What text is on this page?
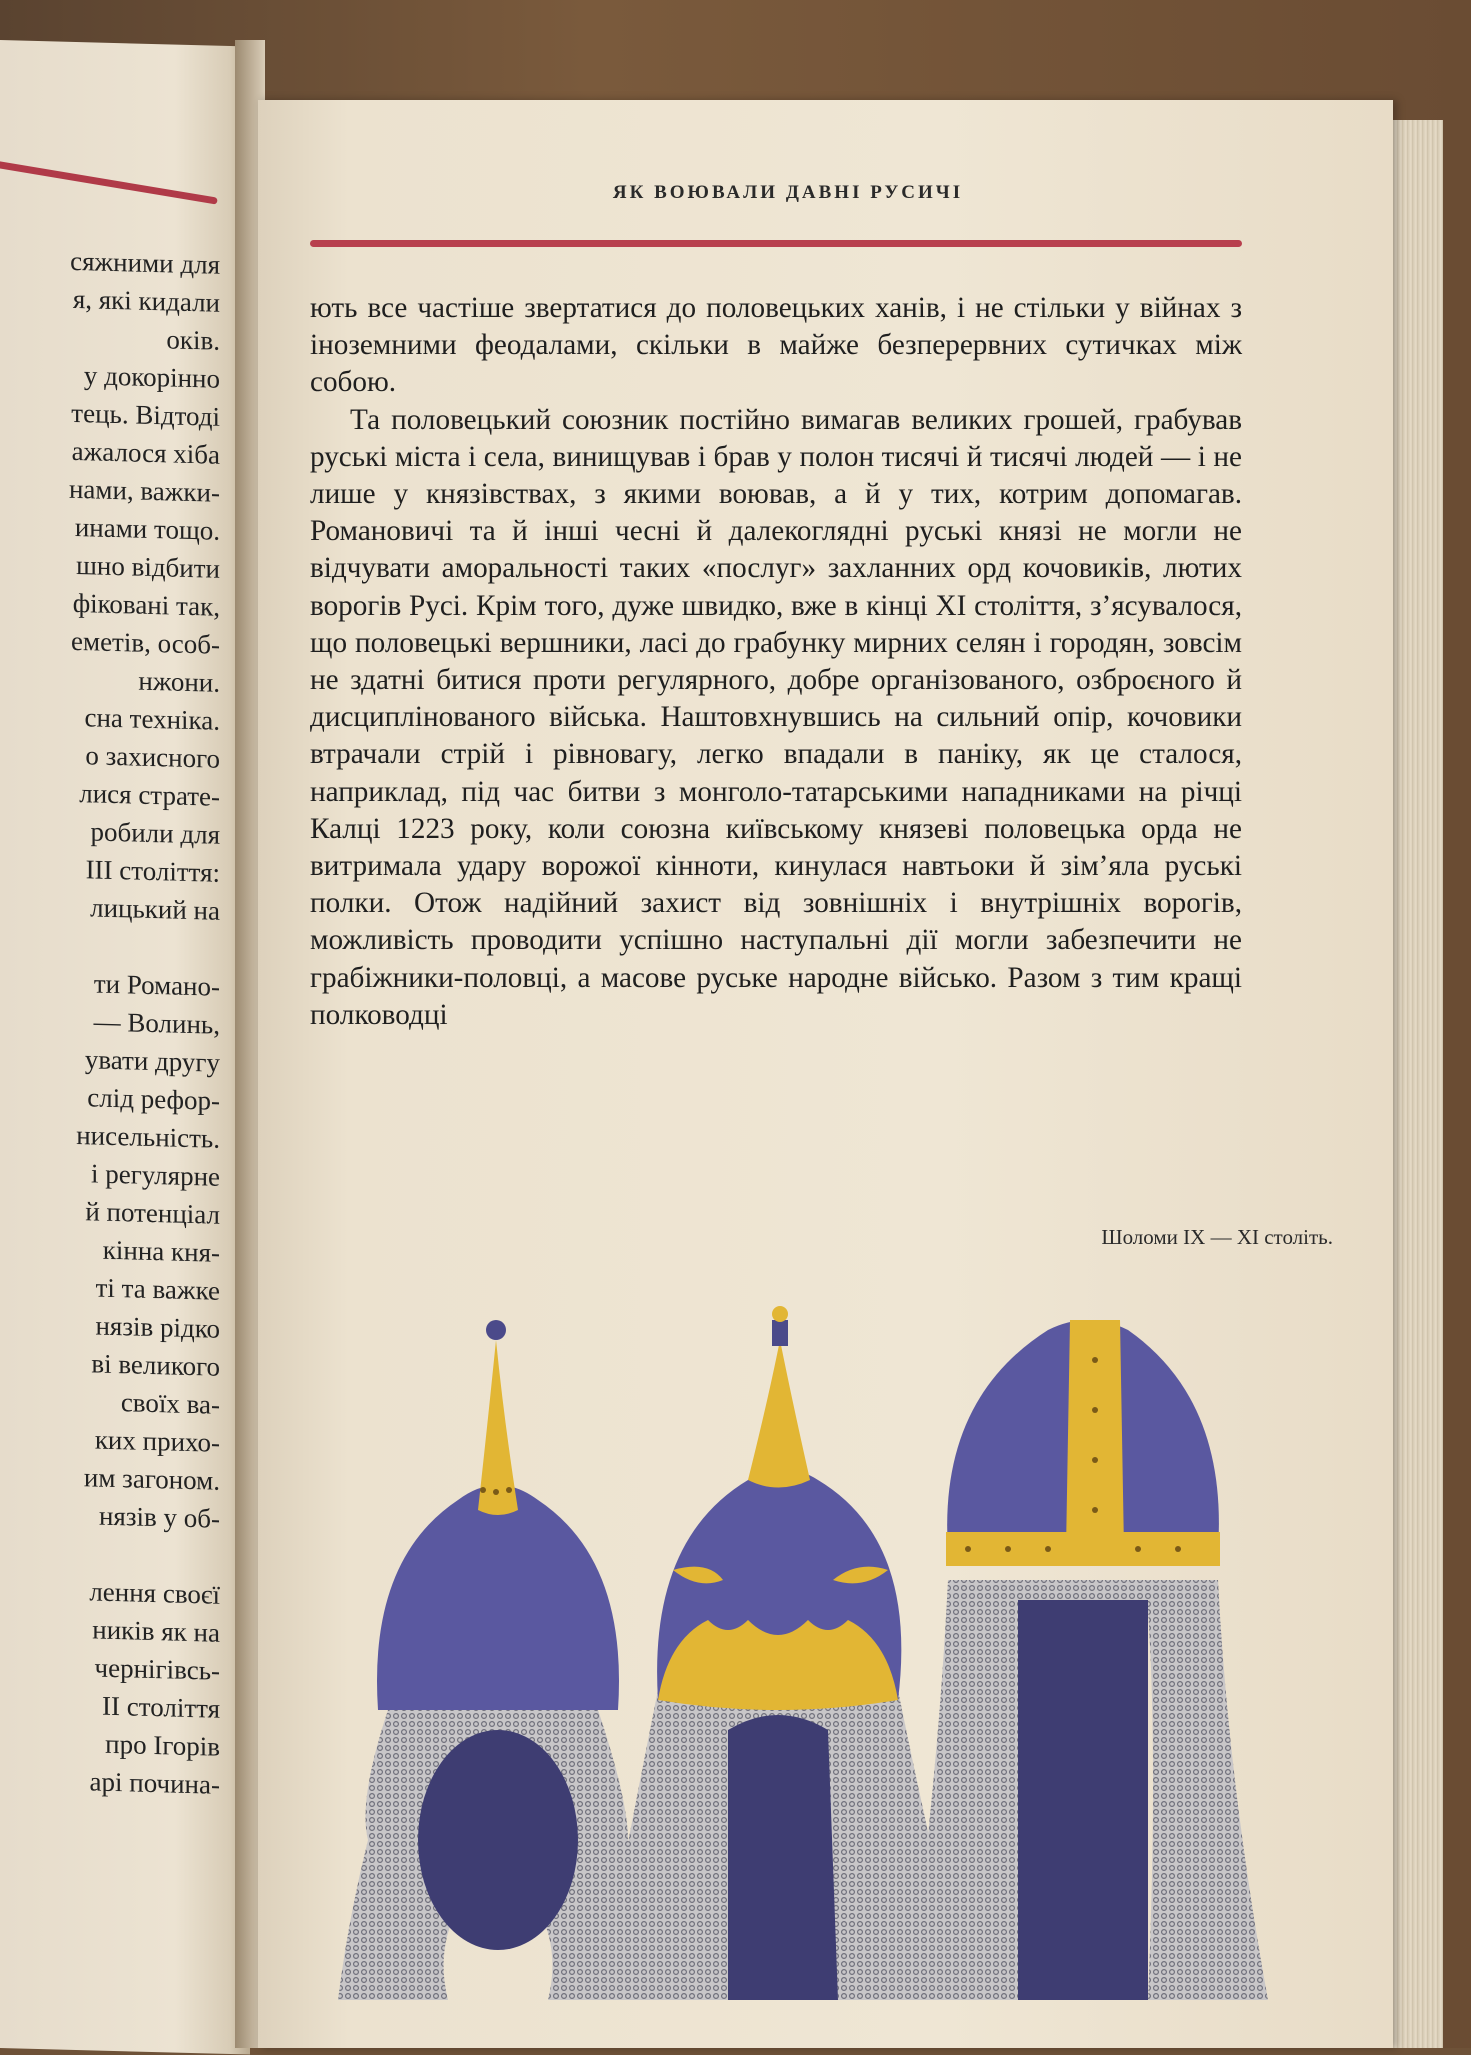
сяжними для
я, які кидали
оків.
у докорінно
тець. Відтоді
ажалося хіба
нами, важки-
инами тощо.
шно відбити
фіковані так,
еметів, особ-
нжони.
сна техніка.
о захисного
лися страте-
робили для
ІІІ століття:
лицький на

ти Романо-
— Волинь,
увати другу
слід рефор-
нисельність.
і регулярне
й потенціал
кінна кня-
ті та важке
нязів рідко
ві великого
своїх ва-
ких прихо-
им загоном.
нязів у об-

лення своєї
ників як на
чернігівсь-
ІІ століття
про Ігорів
арі почина-
ЯК ВОЮВАЛИ ДАВНІ РУСИЧІ

ють все частіше звертатися до половецьких ханів, і не стільки у війнах з іноземними феодалами, скільки в майже безперервних сутичках між собою.

Та половецький союзник постійно вимагав великих грошей, грабував руські міста і села, винищував і брав у полон тисячі й тисячі людей — і не лише у князівствах, з якими воював, а й у тих, котрим допомагав. Романовичі та й інші чесні й далекоглядні руські князі не могли не відчувати аморальності таких «послуг» захланних орд кочовиків, лютих ворогів Русі. Крім того, дуже швидко, вже в кінці XI століття, з’ясувалося, що половецькі вершники, ласі до грабунку мирних селян і городян, зовсім не здатні битися проти регулярного, добре організованого, озброєного й дисциплінованого війська. Наштовхнувшись на сильний опір, кочовики втрачали стрій і рівновагу, легко впадали в паніку, як це сталося, наприклад, під час битви з монголо-татарськими нападниками на річці Калці 1223 року, коли союзна київському князеві половецька орда не витримала удару ворожої кінноти, кинулася навтьоки й зім’яла руські полки. Отож надійний захист від зовнішніх і внутрішніх ворогів, можливість проводити успішно наступальні дії могли забезпечити не грабіжники-половці, а масове руське народне військо. Разом з тим кращі полководці

Шоломи IX — XI століть.
